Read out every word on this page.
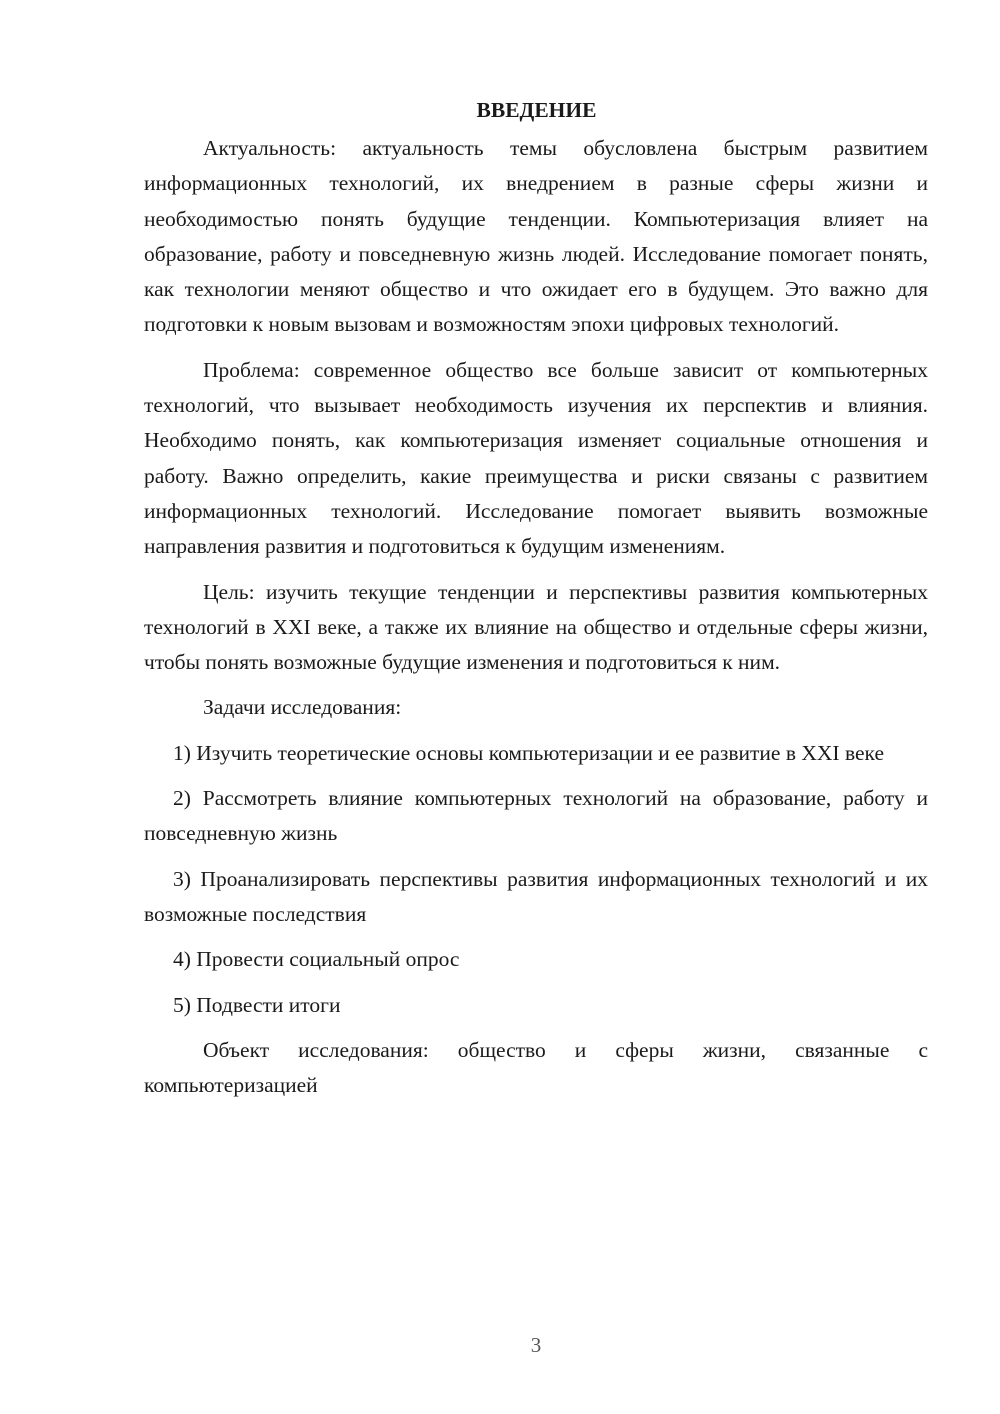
ВВЕДЕНИЕ

Актуальность: актуальность темы обусловлена быстрым развитием информационных технологий, их внедрением в разные сферы жизни и необходимостью понять будущие тенденции. Компьютеризация влияет на образование, работу и повседневную жизнь людей. Исследование помогает понять, как технологии меняют общество и что ожидает его в будущем. Это важно для подготовки к новым вызовам и возможностям эпохи цифровых технологий.

Проблема: современное общество все больше зависит от компьютерных технологий, что вызывает необходимость изучения их перспектив и влияния. Необходимо понять, как компьютеризация изменяет социальные отношения и работу. Важно определить, какие преимущества и риски связаны с развитием информационных технологий. Исследование помогает выявить возможные направления развития и подготовиться к будущим изменениям.

Цель: изучить текущие тенденции и перспективы развития компьютерных технологий в XXI веке, а также их влияние на общество и отдельные сферы жизни, чтобы понять возможные будущие изменения и подготовиться к ним.

Задачи исследования:

1) Изучить теоретические основы компьютеризации и ее развитие в XXI веке

2) Рассмотреть влияние компьютерных технологий на образование, работу и повседневную жизнь

3) Проанализировать перспективы развития информационных технологий и их возможные последствия

4) Провести социальный опрос

5) Подвести итоги

Объект исследования: общество и сферы жизни, связанные с компьютеризацией

3
